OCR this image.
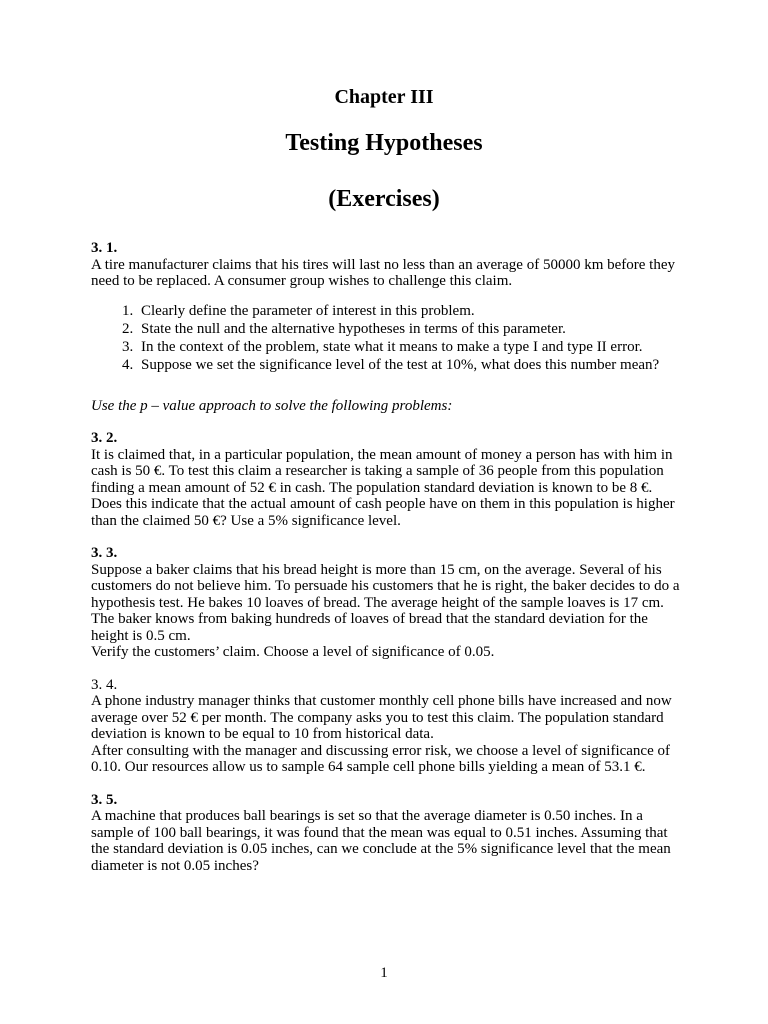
Chapter III
Testing Hypotheses
(Exercises)
3. 1.
A tire manufacturer claims that his tires will last no less than an average of 50000 km before they need to be replaced. A consumer group wishes to challenge this claim.
1. Clearly define the parameter of interest in this problem.
2. State the null and the alternative hypotheses in terms of this parameter.
3. In the context of the problem, state what it means to make a type I and type II error.
4. Suppose we set the significance level of the test at 10%, what does this number mean?
Use the p – value approach to solve the following problems:
3. 2.
It is claimed that, in a particular population, the mean amount of money a person has with him in cash is 50 €. To test this claim a researcher is taking a sample of 36 people from this population finding a mean amount of 52 € in cash. The population standard deviation is known to be 8 €.
Does this indicate that the actual amount of cash people have on them in this population is higher than the claimed 50 €? Use a 5% significance level.
3. 3.
Suppose a baker claims that his bread height is more than 15 cm, on the average. Several of his customers do not believe him. To persuade his customers that he is right, the baker decides to do a hypothesis test. He bakes 10 loaves of bread. The average height of the sample loaves is 17 cm. The baker knows from baking hundreds of loaves of bread that the standard deviation for the height is 0.5 cm.
Verify the customers’ claim. Choose a level of significance of 0.05.
3. 4.
A phone industry manager thinks that customer monthly cell phone bills have increased and now average over 52 € per month. The company asks you to test this claim. The population standard deviation is known to be equal to 10 from historical data.
After consulting with the manager and discussing error risk, we choose a level of significance of 0.10. Our resources allow us to sample 64 sample cell phone bills yielding a mean of 53.1 €.
3. 5.
A machine that produces ball bearings is set so that the average diameter is 0.50 inches. In a sample of 100 ball bearings, it was found that the mean was equal to 0.51 inches. Assuming that the standard deviation is 0.05 inches, can we conclude at the 5% significance level that the mean diameter is not 0.05 inches?
1
